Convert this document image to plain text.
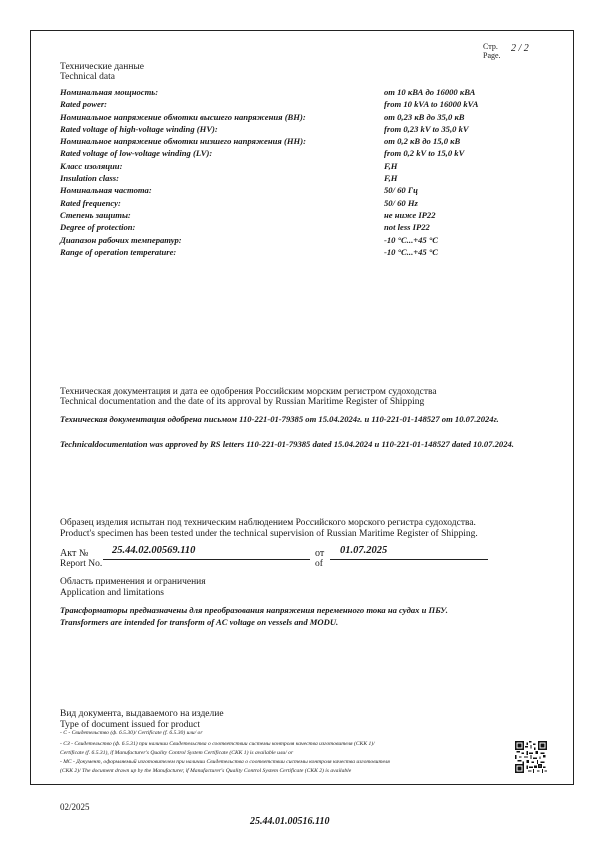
Стр.
Page.
2 / 2
Технические данные
Technical data
Номинальная мощность:	от 10 кВА до 16000 кВА
Rated power:	from 10 kVA to 16000 kVA
Номинальное напряжение обмотки высшего напряжения (ВН):	от 0,23 кВ до 35,0 кВ
Rated voltage of high-voltage winding (HV):	from 0,23 kV to 35,0 kV
Номинальное напряжение обмотки низшего напряжения (НН):	от 0,2 кВ до 15,0 кВ
Rated voltage of low-voltage winding (LV):	from 0,2 kV to 15,0 kV
Класс изоляции:	F,H
Insulation class:	F,H
Номинальная частота:	50/ 60 Гц
Rated frequency:	50/ 60 Hz
Степень защиты:	не ниже IP22
Degree of protection:	not less IP22
Диапазон рабочих температур:	-10 °C...+45 °C
Range of operation temperature:	-10 °C...+45 °C
Техническая документация и дата ее одобрения Российским морским регистром судоходства
Technical documentation and the date of its approval by Russian Maritime Register of Shipping
Техническая документация одобрена письмом 110-221-01-79385 от 15.04.2024г. и 110-221-01-148527 от 10.07.2024г.
Technicaldocumentation was approved by RS letters 110-221-01-79385 dated 15.04.2024 и 110-221-01-148527 dated 10.07.2024.
Образец изделия испытан под техническим наблюдением Российского морского регистра судоходства.
Product's specimen has been tested under the technical supervision of Russian Maritime Register of Shipping.
Акт №
Report No.
25.44.02.00569.110	от
of
01.07.2025
Область применения и ограничения
Application and limitations
Трансформаторы предназначены для преобразования напряжения переменного тока на судах и ПБУ.
Transformers are intended for transform of AC voltage on vessels and MODU.
Вид документа, выдаваемого на изделие
Type of document issued for product
- С - Свидетельство (ф. 6.5.30)/ Certificate (f. 6.5.30) или/ or
- СЗ - Свидетельство (ф. 6.5.31) при наличии Свидетельства о соответствии системы контроля качества изготовителя (СКК 1)/
Certificate (f. 6.5.31), if Manufacturer's Quality Control System Certificate (СКК 1) is available или/ or
- МС - Документ, оформляемый изготовителем при наличии Свидетельства о соответствии системы контроля качества изготовителя
(СКК 2)/ The document drawn up by the Manufacturer, if Manufacturer's Quality Control System Certificate (СКК 2) is available
02/2025
25.44.01.00516.110
